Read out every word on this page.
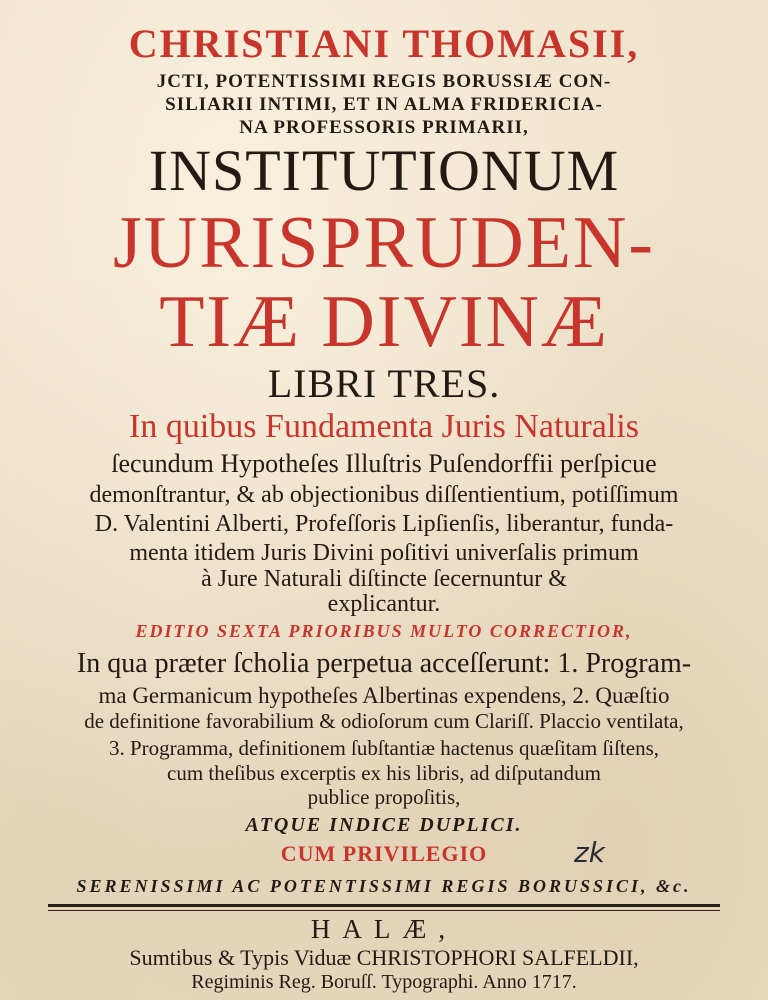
CHRISTIANI THOMASII,

JCTI, POTENTISSIMI REGIS BORUSSIÆ CON-

SILIARII INTIMI, ET IN ALMA FRIDERICIA-

NA PROFESSORIS PRIMARII,

INSTITUTIONUM

JURISPRUDEN-

TIÆ DIVINÆ

LIBRI TRES.

In quibus Fundamenta Juris Naturalis

ſecundum Hypotheſes Illuſtris Puſendorffii perſpicue

demonſtrantur, & ab objectionibus diſſentientium, potiſſimum

D. Valentini Alberti, Profeſſoris Lipſienſis, liberantur, funda-

menta itidem Juris Divini poſitivi univerſalis primum

à Jure Naturali diſtincte ſecernuntur &

explicantur.

EDITIO SEXTA PRIORIBUS MULTO CORRECTIOR,

In qua præter ſcholia perpetua acceſſerunt: 1. Program-

ma Germanicum hypotheſes Albertinas expendens, 2. Quæſtio

de definitione favorabilium & odioſorum cum Clariſſ. Placcio ventilata,

3. Programma, definitionem ſubſtantiæ hactenus quæſitam ſiſtens,

cum theſibus excerptis ex his libris, ad diſputandum

publice propoſitis,

ATQUE INDICE DUPLICI.

CUM PRIVILEGIO	zk

SERENISSIMI AC POTENTISSIMI REGIS BORUSSICI, &c.

HALÆ,

Sumtibus & Typis Viduæ CHRISTOPHORI SALFELDII,

Regiminis Reg. Boruſſ. Typographi. Anno 1717.
